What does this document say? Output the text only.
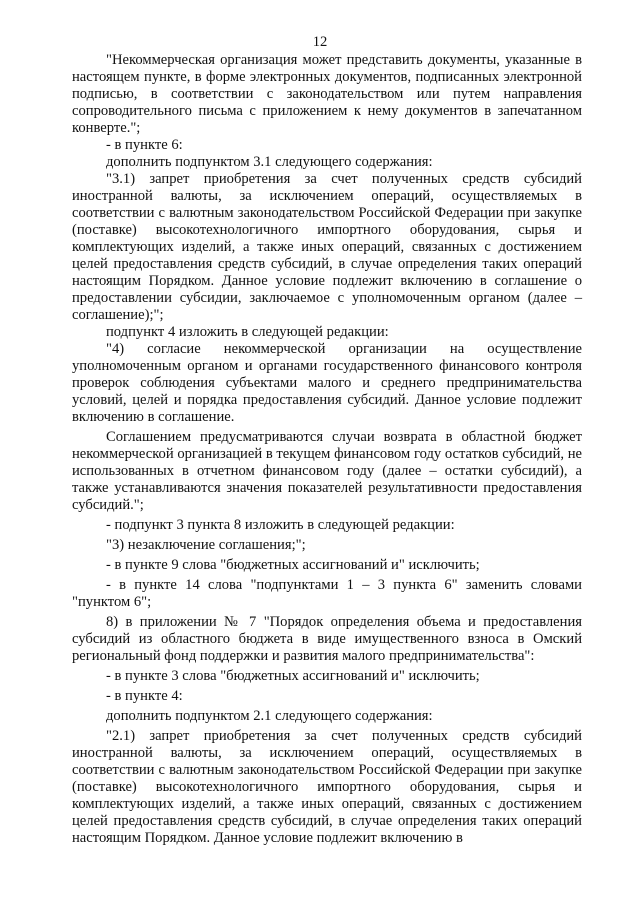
12

"Некоммерческая организация может представить документы, указанные в настоящем пункте, в форме электронных документов, подписанных электронной подписью, в соответствии с законодательством или путем направления сопроводительного письма с приложением к нему документов в запечатанном конверте.";

- в пункте 6:

дополнить подпунктом 3.1 следующего содержания:

"3.1) запрет приобретения за счет полученных средств субсидий иностранной валюты, за исключением операций, осуществляемых в соответствии с валютным законодательством Российской Федерации при закупке (поставке) высокотехнологичного импортного оборудования, сырья и комплектующих изделий, а также иных операций, связанных с достижением целей предоставления средств субсидий, в случае определения таких операций настоящим Порядком. Данное условие подлежит включению в соглашение о предоставлении субсидии, заключаемое с уполномоченным органом (далее – соглашение);";

подпункт 4 изложить в следующей редакции:

"4) согласие некоммерческой организации на осуществление уполномоченным органом и органами государственного финансового контроля проверок соблюдения субъектами малого и среднего предпринимательства условий, целей и порядка предоставления субсидий. Данное условие подлежит включению в соглашение.

Соглашением предусматриваются случаи возврата в областной бюджет некоммерческой организацией в текущем финансовом году остатков субсидий, не использованных в отчетном финансовом году (далее – остатки субсидий), а также устанавливаются значения показателей результативности предоставления субсидий.";

- подпункт 3 пункта 8 изложить в следующей редакции:

"3) незаключение соглашения;";

- в пункте 9 слова "бюджетных ассигнований и" исключить;

- в пункте 14 слова "подпунктами 1 – 3 пункта 6" заменить словами "пунктом 6";

8) в приложении № 7 "Порядок определения объема и предоставления субсидий из областного бюджета в виде имущественного взноса в Омский региональный фонд поддержки и развития малого предпринимательства":

- в пункте 3 слова "бюджетных ассигнований и" исключить;

- в пункте 4:

дополнить подпунктом 2.1 следующего содержания:

"2.1) запрет приобретения за счет полученных средств субсидий иностранной валюты, за исключением операций, осуществляемых в соответствии с валютным законодательством Российской Федерации при закупке (поставке) высокотехнологичного импортного оборудования, сырья и комплектующих изделий, а также иных операций, связанных с достижением целей предоставления средств субсидий, в случае определения таких операций настоящим Порядком. Данное условие подлежит включению в
